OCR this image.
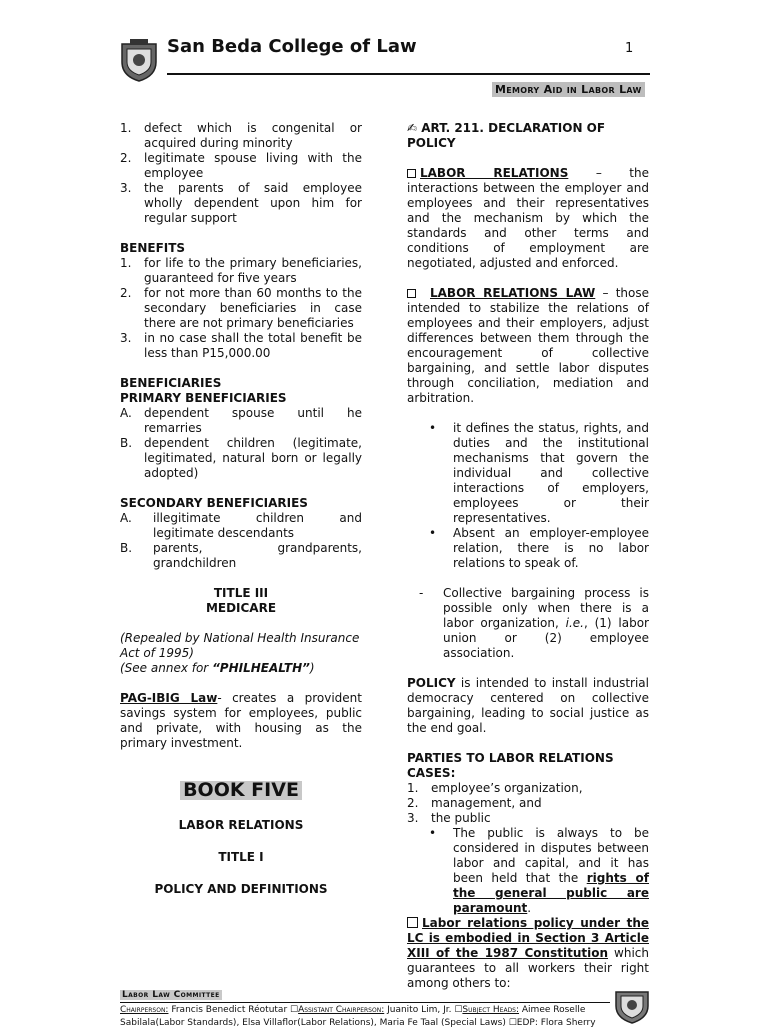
San Beda College of Law	1
Memory Aid in Labor Law
1. defect which is congenital or acquired during minority
2. legitimate spouse living with the employee
3. the parents of said employee wholly dependent upon him for regular support
BENEFITS
1. for life to the primary beneficiaries, guaranteed for five years
2. for not more than 60 months to the secondary beneficiaries in case there are not primary beneficiaries
3. in no case shall the total benefit be less than P15,000.00
BENEFICIARIES
PRIMARY BENEFICIARIES
A. dependent spouse until he remarries
B. dependent children (legitimate, legitimated, natural born or legally adopted)
SECONDARY BENEFICIARIES
A. illegitimate children and legitimate descendants
B. parents, grandparents, grandchildren
TITLE III
MEDICARE
(Repealed by National Health Insurance Act of 1995)
(See annex for “PHILHEALTH”)
PAG-IBIG Law- creates a provident savings system for employees, public and private, with housing as the primary investment.
BOOK FIVE
LABOR RELATIONS
TITLE I
POLICY AND DEFINITIONS
✍ ART. 211. DECLARATION OF POLICY
LABOR RELATIONS – the interactions between the employer and employees and their representatives and the mechanism by which the standards and other terms and conditions of employment are negotiated, adjusted and enforced.
LABOR RELATIONS LAW – those intended to stabilize the relations of employees and their employers, adjust differences between them through the encouragement of collective bargaining, and settle labor disputes through conciliation, mediation and arbitration.
• it defines the status, rights, and duties and the institutional mechanisms that govern the individual and collective interactions of employers, employees or their representatives.
• Absent an employer-employee relation, there is no labor relations to speak of.
- Collective bargaining process is possible only when there is a labor organization, i.e., (1) labor union or (2) employee association.
POLICY is intended to install industrial democracy centered on collective bargaining, leading to social justice as the end goal.
PARTIES TO LABOR RELATIONS CASES:
1. employee’s organization,
2. management, and
3. the public
• The public is always to be considered in disputes between labor and capital, and it has been held that the rights of the general public are paramount.
Labor relations policy under the LC is embodied in Section 3 Article XIII of the 1987 Constitution which guarantees to all workers their right among others to:
Labor Law Committee
Chairperson: Francis Benedict Réotutar ☐Assistant Chairperson: Juanito Lim, Jr. ☐Subject Heads: Aimee Roselle
Sabilala(Labor Standards), Elsa Villaflor(Labor Relations), Maria Fe Taal (Special Laws) ☐EDP: Flora Sherry
